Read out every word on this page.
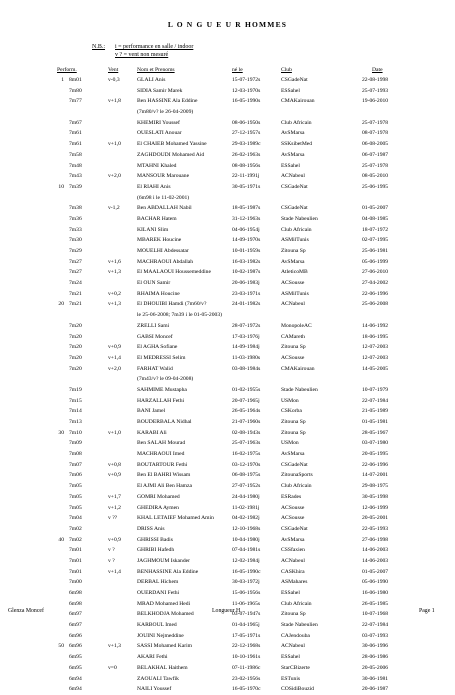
L O N G U E U R HOMMES
N.B.: i = performance en salle / indoor
v ? = vent non mesuré
Perform.	Vent	Nom et Prenoms	né le	Club	Date
1 8m01	v-0,3	GLALI Anis	15-07-1972s	CSGadeNat	22-08-1998
7m80	SIDIA Samir Marek	12-03-1970s	ESSahel	25-07-1993
7m77	v+1,8	Ben HASSINE Ala Eddine	16-05-1990s	CMAKairouan	19-06-2010
(7m80/v? le 26-04-2009)
7m67	KHEMIRI Youssef	08-06-1950s	Club Africain	25-07-1978
7m61	OUESLATI Anouar	27-12-1957s	AvSMarsa	08-07-1978
7m61	v+1,0	El CHAIEB Mohamed Yassine	29-03-1989c	SSKsibetMed	06-08-2005
7m58	ZAGHDOUDI Mohamed Aid	26-02-1963s	AvSMarsa	06-07-1987
7m48	MTAHNI Khaled	08-08-1956s	ESSahel	25-07-1978
7m43	v+2,0	MANSOUR Marouane	22-11-1991j	ACNabeul	08-05-2010
10 7m39	El RIAHI Anis	30-05-1971s	CSGadeNat	25-06-1995
(6m98 i le 11-02-2001)
7m38	v-1,2	Ben ABDALLAH Nabil	18-05-1987s	CSGadeNat	01-05-2007
7m36	BACHAR Hatem	31-12-1963s	Stade Nabeulien	04-08-1985
7m33	KILANI Slim	04-06-1954j	Club Africain	18-07-1972
7m30	MBAREK Houcine	14-09-1970s	ASMilTunis	02-07-1995
7m29	MOUELHI Abdessatar	10-01-1959s	Zitouna Sp	25-06-1981
7m27	v+1,6	MACHRAOUI Abdallah	16-03-1982s	AvSMarsa	05-06-1999
7m27	v+1,3	El MAALAOUI Houssemeddine	10-02-1987s	AtleticoMB	27-06-2010
7m24	El OUN Samir	20-06-1983j	ACSousse	27-04-2002
7m21	v+0,2	RHAIMA Houcine	23-03-1971s	ASMilTunis	22-06-1996
20 7m21	v+1,3	El DHOUIBI Hamdi (7m60/v?	24-01-1982s	ACNabeul	25-06-2008
le 25-06-2008; 7m39 i le 01-05-2003)
7m20	ZRELLI Sami	28-07-1972s	MonopoleAC	14-06-1992
7m20	GABSI Moncef	17-03-1976j	CAMareth	18-06-1995
7m20	v+0,9	El AGHA Sofiane	14-09-1984j	Zitouna Sp	12-07-2003
7m20	v+1,4	El MEDRESSI Selim	11-03-1980s	ACSousse	12-07-2003
7m20	v+2,0	FARHAT Walid	03-08-1984s	CMAKairouan	14-05-2005
(7m43/v? le 09-04-2008)
7m19	SAHMIME Mustapha	01-02-1955s	Stade Nabeulien	10-07-1979
7m15	HARZALLAH Fethi	20-07-1965j	USMon	22-07-1984
7m14	BANI Jamel	26-05-1964s	CSKorba	21-05-1989
7m13	BOUDERBALA Nidhal	21-07-1960s	Zitouna Sp	01-05-1981
30 7m10	v+1,0	KARABI Ali	02-08-1943s	Zitouna Sp	28-05-1967
7m09	Ben SALAH Mourad	25-07-1963s	USMon	03-07-1980
7m08	MACHRAOUI Imed	16-02-1975s	AvSMarsa	20-05-1995
7m07	v+0,8	BOUTARTOUR Fethi	03-12-1970s	CSGadeNat	22-06-1996
7m06	v+0,9	Ben El BAHRI Wissam	06-08-1975s	ZitounaSports	14-07-2001
7m05	El AJMI Ali Ben Hamza	27-07-1952s	Club Africain	29-08-1975
7m05	v+1,7	GOMRI Mohamed	24-04-1980j	ESRades	30-05-1998
7m05	v+1,2	GHEDIRA Aymen	11-02-1981j	ACSousse	12-06-1999
7m04	v ??	KHAL LETAIEF Mohamed Amin	04-02-1982j	ACSousse	20-05-2001
7m02	DRISS Anis	12-10-1968s	CSGadeNat	22-05-1993
40 7m02	v+0,9	GHRISSI Badis	10-04-1980j	AvSMarsa	27-06-1998
7m01	v ?	GHRIBI Hafedh	07-04-1981s	CSSfaxien	14-06-2003
7m01	v ?	JAGHMOUM Iskander	12-02-1984j	ACNabeul	14-06-2003
7m01	v+1,4	BENHASSINE Ala Eddine	16-05-1990c	CASKhira	01-05-2007
7m00	DERBAL Hichem	30-03-1972j	ASMahares	05-06-1990
6m98	OUERDANI Fethi	15-06-1956s	ESSahel	16-06-1980
6m98	MRAD Mohamed Hedi	11-06-1965s	Club Africain	26-05-1985
6m97	BELKHODJA Mohamed	03-07-1947s	Zitouna Sp	10-07-1968
6m97	KARBOUL Imed	01-04-1965j	Stade Nabeulien	22-07-1984
6m96	JOUINI Nejmeddine	17-05-1971s	CAJendouba	03-07-1993
50 6m96	v+1,3	SASSI Mohamed Karim	22-12-1968s	ACNabeul	30-06-1996
6m95	AKARI Fethi	10-10-1961s	ESSahel	28-06-1986
6m95	v=0	BELAKHAL Haithem	07-11-1986c	StarCBizerte	20-05-2006
6m94	ZAOUALI Tawfik	23-02-1956s	ESTunis	30-06-1981
6m94	NAILI Youssef	16-05-1970c	COSidiBouzid	20-06-1987
Glenza Moncef	Longueur H	Page 1
